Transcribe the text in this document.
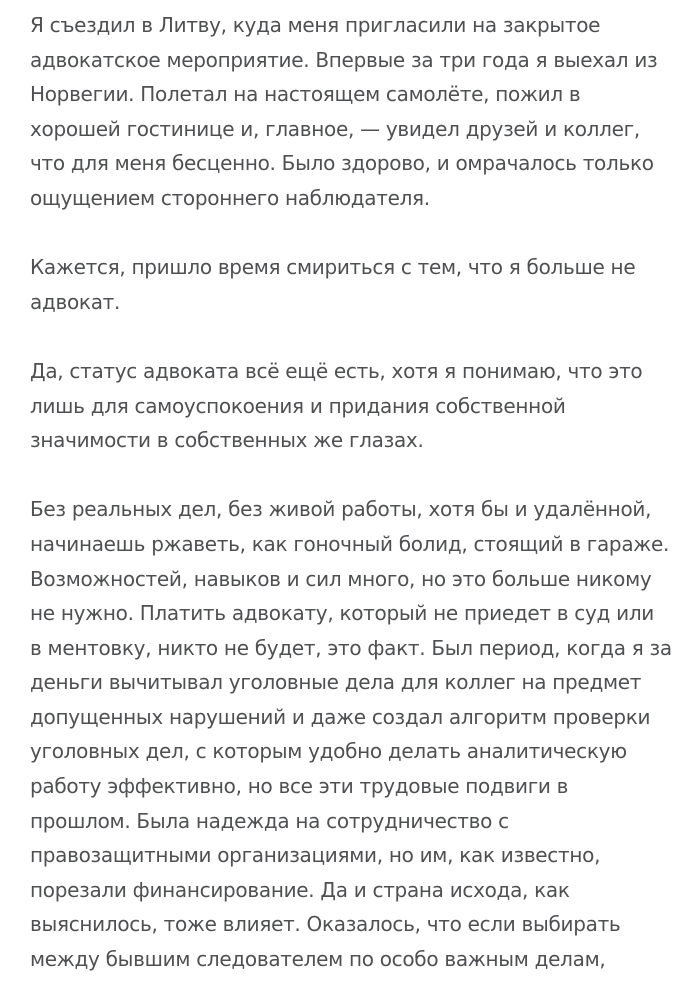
Я съездил в Литву, куда меня пригласили на закрытое
адвокатское мероприятие. Впервые за три года я выехал из
Норвегии. Полетал на настоящем самолёте, пожил в
хорошей гостинице и, главное, — увидел друзей и коллег,
что для меня бесценно. Было здорово, и омрачалось только
ощущением стороннего наблюдателя.

Кажется, пришло время смириться с тем, что я больше не
адвокат.

Да, статус адвоката всё ещё есть, хотя я понимаю, что это
лишь для самоуспокоения и придания собственной
значимости в собственных же глазах.

Без реальных дел, без живой работы, хотя бы и удалённой,
начинаешь ржаветь, как гоночный болид, стоящий в гараже.
Возможностей, навыков и сил много, но это больше никому
не нужно. Платить адвокату, который не приедет в суд или
в ментовку, никто не будет, это факт. Был период, когда я за
деньги вычитывал уголовные дела для коллег на предмет
допущенных нарушений и даже создал алгоритм проверки
уголовных дел, с которым удобно делать аналитическую
работу эффективно, но все эти трудовые подвиги в
прошлом. Была надежда на сотрудничество с
правозащитными организациями, но им, как известно,
порезали финансирование. Да и страна исхода, как
выяснилось, тоже влияет. Оказалось, что если выбирать
между бывшим следователем по особо важным делам,
